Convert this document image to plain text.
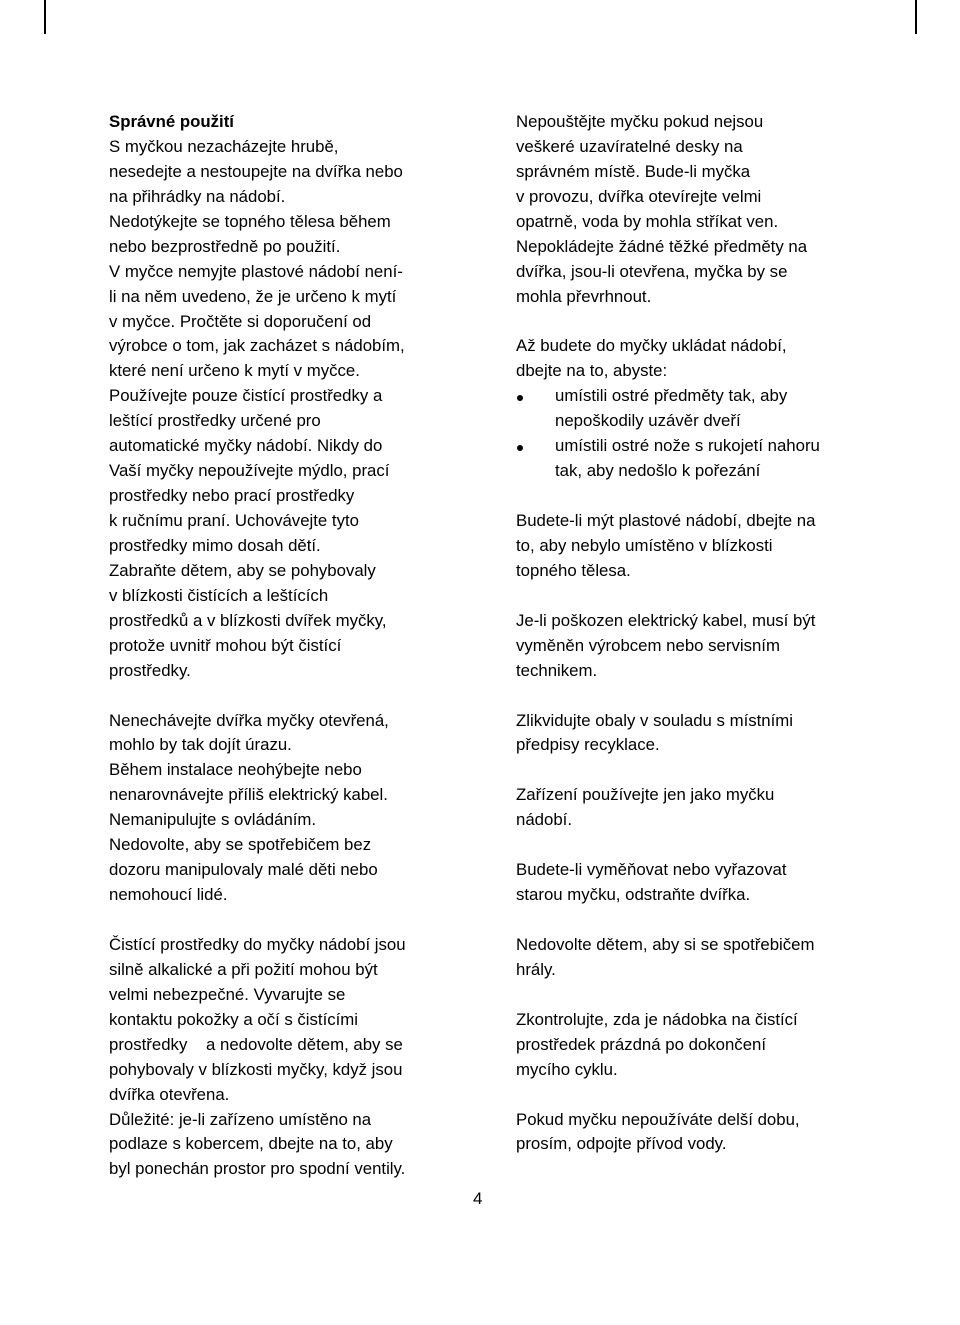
Správné použití
S myčkou nezacházejte hrubě,
nesedejte a nestoupejte na dvířka nebo
na přihrádky na nádobí.
Nedotýkejte se topného tělesa během
nebo bezprostředně po použití.
V myčce nemyjte plastové nádobí není-
li na něm uvedeno, že je určeno k mytí
v myčce. Pročtěte si doporučení od
výrobce o tom, jak zacházet s nádobím,
které není určeno k mytí v myčce.
Používejte pouze čistící prostředky a
leštící prostředky určené pro
automatické myčky nádobí. Nikdy do
Vaší myčky nepoužívejte mýdlo, prací
prostředky nebo prací prostředky
k ručnímu praní. Uchovávejte tyto
prostředky mimo dosah dětí.
Zabraňte dětem, aby se pohybovaly
v blízkosti čistících a leštících
prostředků a v blízkosti dvířek myčky,
protože uvnitř mohou být čistící
prostředky.
Nenechávejte dvířka myčky otevřená,
mohlo by tak dojít úrazu.
Během instalace neohýbejte nebo
nenarovnávejte příliš elektrický kabel.
Nemanipulujte s ovládáním.
Nedovolte, aby se spotřebičem bez
dozoru manipulovaly malé děti nebo
nemohoucí lidé.
Čistící prostředky do myčky nádobí jsou
silně alkalické a při požití mohou být
velmi nebezpečné. Vyvarujte se
kontaktu pokožky a očí s čistícími
prostředky    a nedovolte dětem, aby se
pohybovaly v blízkosti myčky, když jsou
dvířka otevřena.
Důležité: je-li zařízeno umístěno na
podlaze s kobercem, dbejte na to, aby
byl ponechán prostor pro spodní ventily.
Nepouštějte myčku pokud nejsou
veškeré uzavíratelné desky na
správném místě. Bude-li myčka
v provozu, dvířka otevírejte velmi
opatrně, voda by mohla stříkat ven.
Nepokládejte žádné těžké předměty na
dvířka, jsou-li otevřena, myčka by se
mohla převrhnout.
Až budete do myčky ukládat nádobí,
dbejte na to, abyste:
umístili ostré předměty tak, aby
nepoškodily uzávěr dveří
umístili ostré nože s rukojetí nahoru
tak, aby nedošlo k pořezání
Budete-li mýt plastové nádobí, dbejte na
to, aby nebylo umístěno v blízkosti
topného tělesa.
Je-li poškozen elektrický kabel, musí být
vyměněn výrobcem nebo servisním
technikem.
Zlikvidujte obaly v souladu s místními
předpisy recyklace.
Zařízení používejte jen jako myčku
nádobí.
Budete-li vyměňovat nebo vyřazovat
starou myčku, odstraňte dvířka.
Nedovolte dětem, aby si se spotřebičem
hrály.
Zkontrolujte, zda je nádobka na čistící
prostředek prázdná po dokončení
mycího cyklu.
Pokud myčku nepoužíváte delší dobu,
prosím, odpojte přívod vody.
4
